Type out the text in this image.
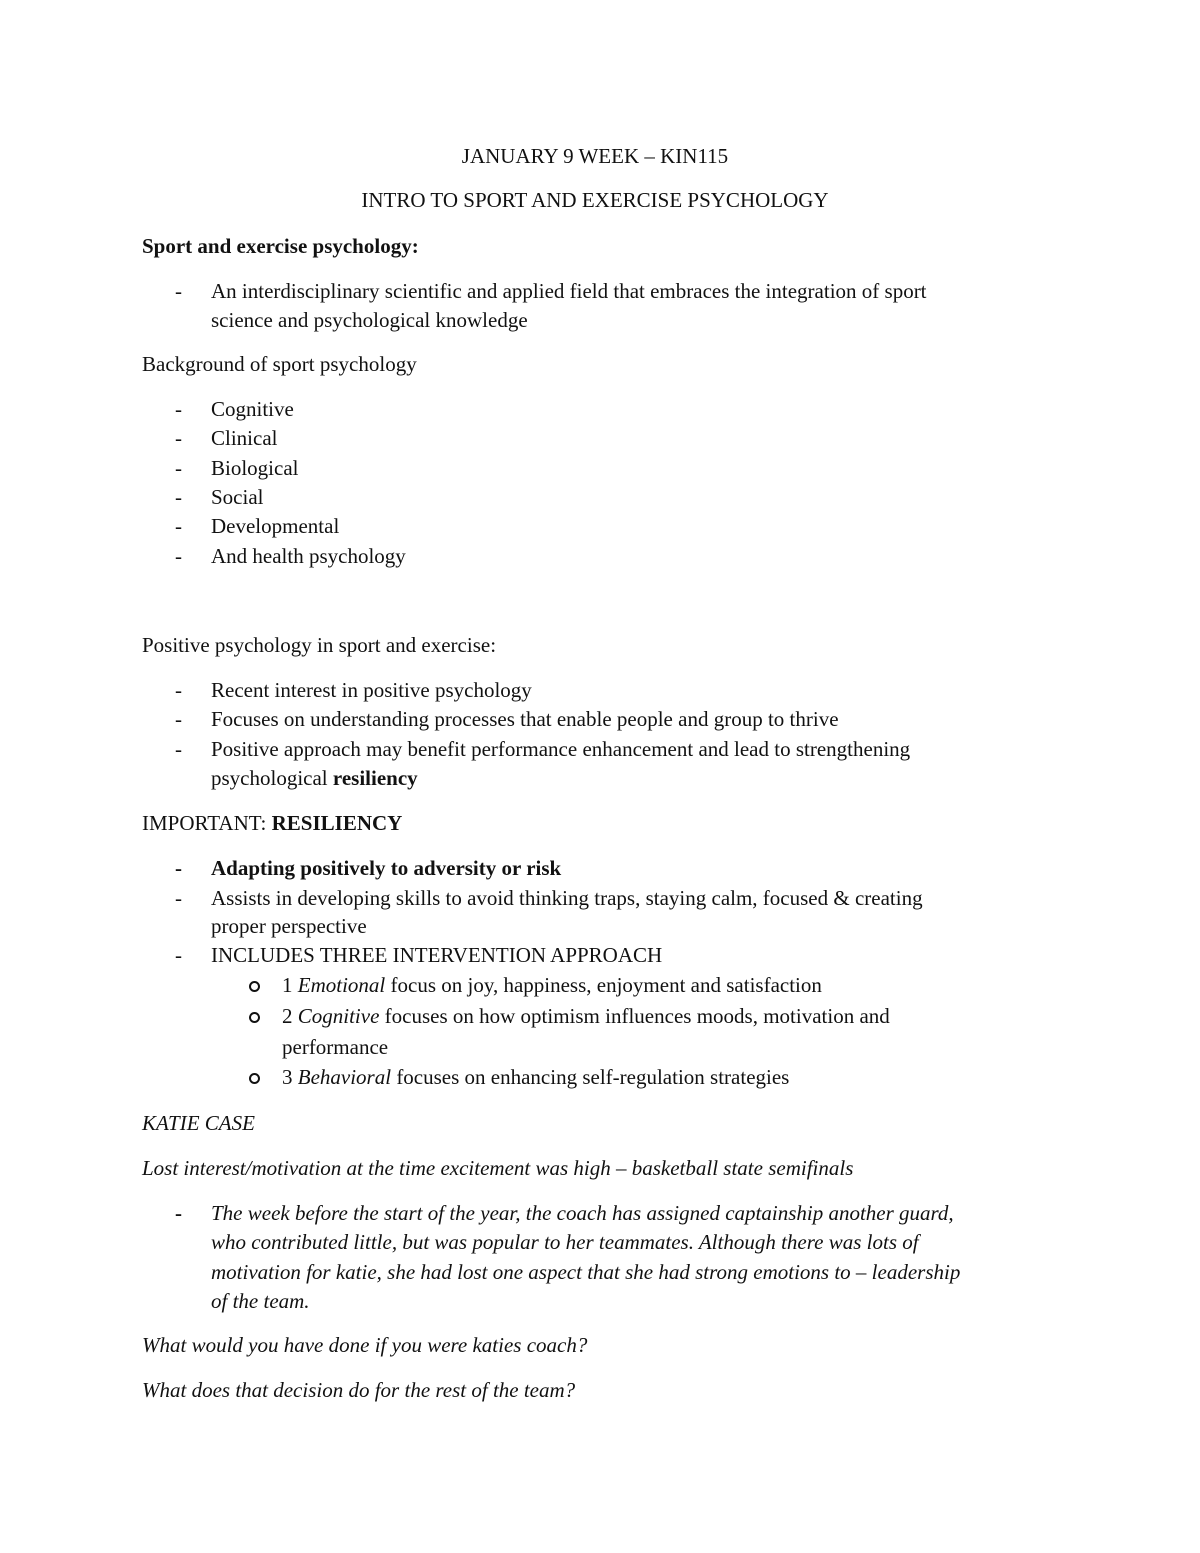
JANUARY 9 WEEK – KIN115
INTRO TO SPORT AND EXERCISE PSYCHOLOGY
Sport and exercise psychology:
- An interdisciplinary scientific and applied field that embraces the integration of sport
science and psychological knowledge
Background of sport psychology
- Cognitive
- Clinical
- Biological
- Social
- Developmental
- And health psychology
Positive psychology in sport and exercise:
- Recent interest in positive psychology
- Focuses on understanding processes that enable people and group to thrive
- Positive approach may benefit performance enhancement and lead to strengthening
psychological resiliency
IMPORTANT: RESILIENCY
- Adapting positively to adversity or risk
- Assists in developing skills to avoid thinking traps, staying calm, focused & creating
proper perspective
- INCLUDES THREE INTERVENTION APPROACH
1 Emotional focus on joy, happiness, enjoyment and satisfaction
2 Cognitive focuses on how optimism influences moods, motivation and
performance
3 Behavioral focuses on enhancing self-regulation strategies
KATIE CASE
Lost interest/motivation at the time excitement was high – basketball state semifinals
- The week before the start of the year, the coach has assigned captainship another guard,
who contributed little, but was popular to her teammates. Although there was lots of
motivation for katie, she had lost one aspect that she had strong emotions to – leadership
of the team.
What would you have done if you were katies coach?
What does that decision do for the rest of the team?
